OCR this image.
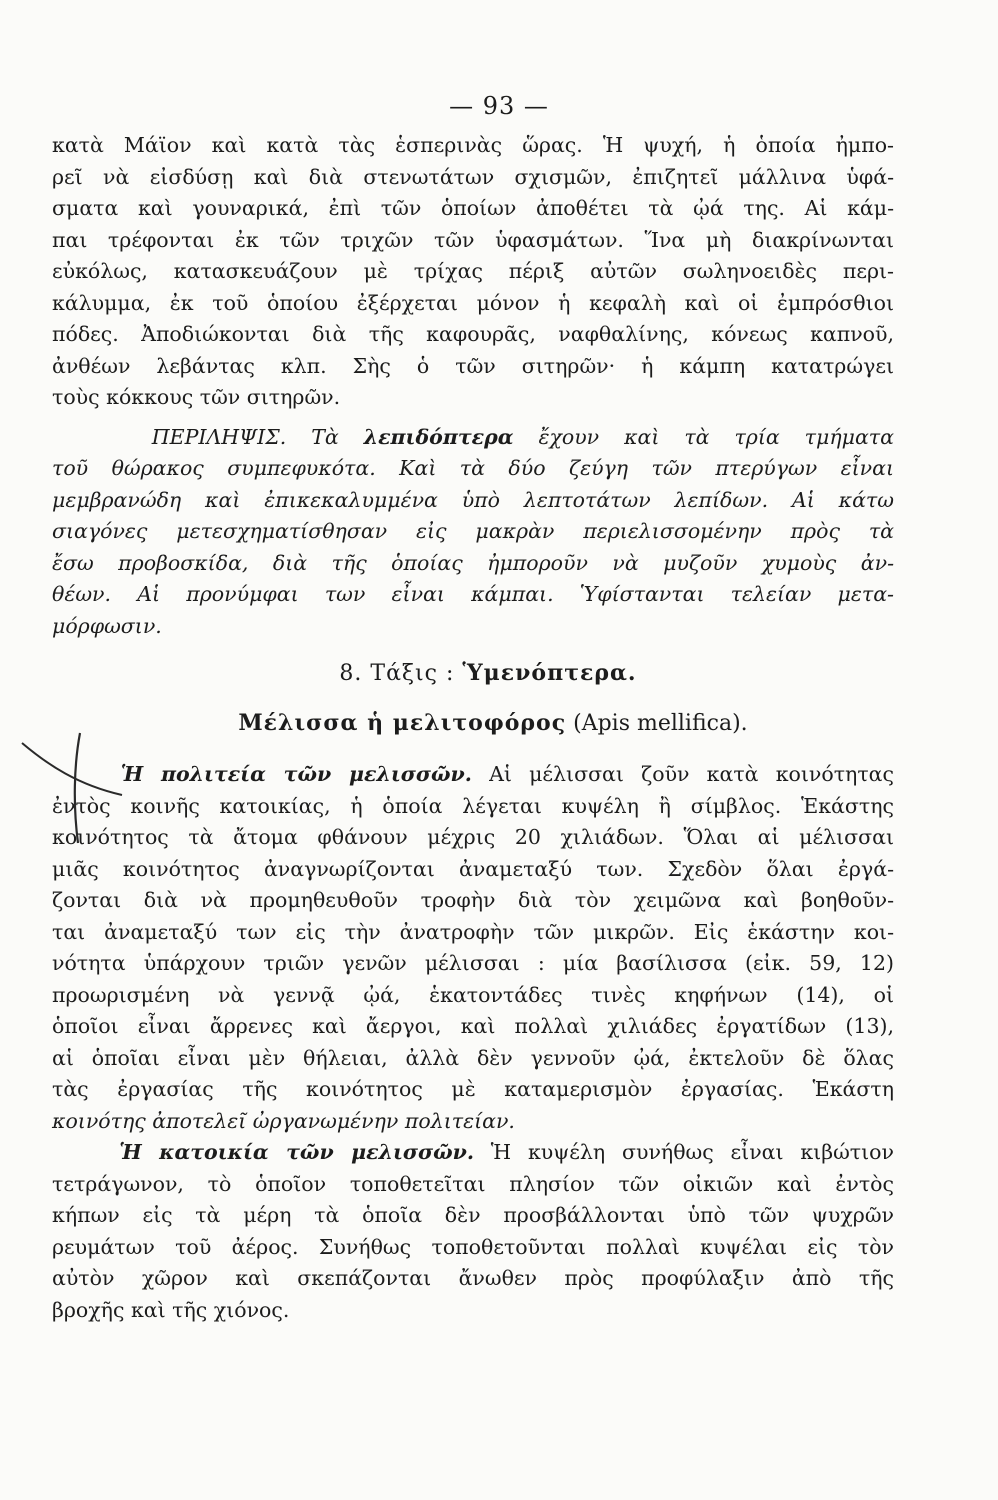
— 93 —
κατὰ Μάϊον καὶ κατὰ τὰς ἑσπερινὰς ὥρας. Ἡ ψυχή, ἡ ὁποία ἠμπο-
ρεῖ νὰ εἰσδύσῃ καὶ διὰ στενωτάτων σχισμῶν, ἐπιζητεῖ μάλλινα ὑφά-
σματα καὶ γουναρικά, ἐπὶ τῶν ὁποίων ἀποθέτει τὰ ᾠά της. Αἱ κάμ-
παι τρέφονται ἐκ τῶν τριχῶν τῶν ὑφασμάτων. Ἵνα μὴ διακρίνωνται
εὐκόλως, κατασκευάζουν μὲ τρίχας πέριξ αὐτῶν σωληνοειδὲς περι-
κάλυμμα, ἐκ τοῦ ὁποίου ἐξέρχεται μόνον ἡ κεφαλὴ καὶ οἱ ἐμπρόσθιοι
πόδες. Ἀποδιώκονται διὰ τῆς καφουρᾶς, ναφθαλίνης, κόνεως καπνοῦ,
ἀνθέων λεβάντας κλπ. Σὴς ὁ τῶν σιτηρῶν· ἡ κάμπη κατατρώγει
τοὺς κόκκους τῶν σιτηρῶν.
ΠΕΡΙΛΗΨΙΣ. Τὰ λεπιδόπτερα ἔχουν καὶ τὰ τρία τμήματα
τοῦ θώρακος συμπεφυκότα. Καὶ τὰ δύο ζεύγη τῶν πτερύγων εἶναι
μεμβρανώδη καὶ ἐπικεκαλυμμένα ὑπὸ λεπτοτάτων λεπίδων. Αἱ κάτω
σιαγόνες μετεσχηματίσθησαν εἰς μακρὰν περιελισσομένην πρὸς τὰ
ἔσω προβοσκίδα, διὰ τῆς ὁποίας ἠμποροῦν νὰ μυζοῦν χυμοὺς ἀν-
θέων. Αἱ προνύμφαι των εἶναι κάμπαι. Ὑφίστανται τελείαν μετα-
μόρφωσιν.
8. Τάξις : Ὑμενόπτερα.
Μέλισσα ἡ μελιτοφόρος (Apis mellifica).
Ἡ πολιτεία τῶν μελισσῶν. Αἱ μέλισσαι ζοῦν κατὰ κοινότητας
ἐντὸς κοινῆς κατοικίας, ἡ ὁποία λέγεται κυψέλη ἢ σίμβλος. Ἑκάστης
κοινότητος τὰ ἄτομα φθάνουν μέχρις 20 χιλιάδων. Ὅλαι αἱ μέλισσαι
μιᾶς κοινότητος ἀναγνωρίζονται ἀναμεταξύ των. Σχεδὸν ὅλαι ἐργά-
ζονται διὰ νὰ προμηθευθοῦν τροφὴν διὰ τὸν χειμῶνα καὶ βοηθοῦν-
ται ἀναμεταξύ των εἰς τὴν ἀνατροφὴν τῶν μικρῶν. Εἰς ἑκάστην κοι-
νότητα ὑπάρχουν τριῶν γενῶν μέλισσαι : μία βασίλισσα (εἰκ. 59, 12)
προωρισμένη νὰ γεννᾷ ᾠά, ἑκατοντάδες τινὲς κηφήνων (14), οἱ
ὁποῖοι εἶναι ἄρρενες καὶ ἄεργοι, καὶ πολλαὶ χιλιάδες ἐργατίδων (13),
αἱ ὁποῖαι εἶναι μὲν θήλειαι, ἀλλὰ δὲν γεννοῦν ᾠά, ἐκτελοῦν δὲ ὅλας
τὰς ἐργασίας τῆς κοινότητος μὲ καταμερισμὸν ἐργασίας. Ἑκάστη
κοινότης ἀποτελεῖ ὠργανωμένην πολιτείαν.
Ἡ κατοικία τῶν μελισσῶν. Ἡ κυψέλη συνήθως εἶναι κιβώτιον
τετράγωνον, τὸ ὁποῖον τοποθετεῖται πλησίον τῶν οἰκιῶν καὶ ἐντὸς
κήπων εἰς τὰ μέρη τὰ ὁποῖα δὲν προσβάλλονται ὑπὸ τῶν ψυχρῶν
ρευμάτων τοῦ ἀέρος. Συνήθως τοποθετοῦνται πολλαὶ κυψέλαι εἰς τὸν
αὐτὸν χῶρον καὶ σκεπάζονται ἄνωθεν πρὸς προφύλαξιν ἀπὸ τῆς
βροχῆς καὶ τῆς χιόνος.
